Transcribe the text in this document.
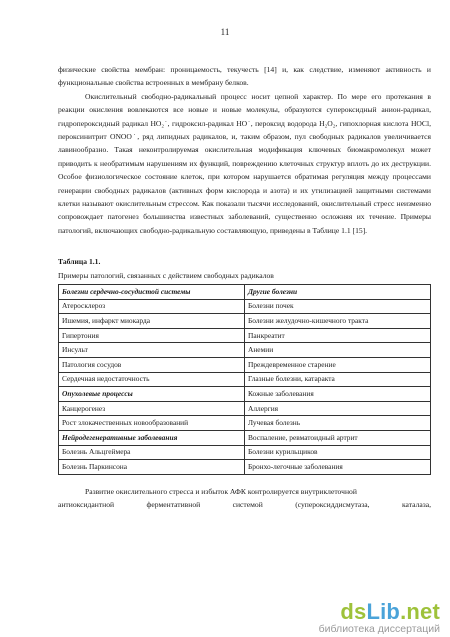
11

физические свойства мембран: проницаемость, текучесть [14] и, как следствие, изменяют активность и функциональные свойства встроенных в мембрану белков.

Окислительный свободно-радикальный процесс носит цепной характер. По мере его протекания в реакции окисления вовлекаются все новые и новые молекулы, образуются супероксидный анион-радикал, гидропероксидный радикал HO₂˙, гидроксил-радикал HO˙, пероксид водорода H₂O₂, гипохлорная кислота HOCl, пероксинитрит ONOO˙, ряд липидных радикалов, и, таким образом, пул свободных радикалов увеличивается лавинообразно. Такая неконтролируемая окислительная модификация ключевых биомакромолекул может приводить к необратимым нарушениям их функций, повреждению клеточных структур вплоть до их деструкции. Особое физиологическое состояние клеток, при котором нарушается обратимая регуляция между процессами генерации свободных радикалов (активных форм кислорода и азота) и их утилизацией защитными системами клетки называют окислительным стрессом. Как показали тысячи исследований, окислительный стресс неизменно сопровождает патогенез большинства известных заболеваний, существенно осложняя их течение. Примеры патологий, включающих свободно-радикальную составляющую, приведены в Таблице 1.1 [15].

Таблица 1.1.

Примеры патологий, связанных с действием свободных радикалов

Болезни сердечно-сосудистой системы	Другие болезни
Атеросклероз	Болезни почек
Ишемия, инфаркт миокарда	Болезни желудочно-кишечного тракта
Гипертония	Панкреатит
Инсульт	Анемии
Патология сосудов	Преждевременное старение
Сердечная недостаточность	Глазные болезни, катаракта
Опухолевые процессы	Кожные заболевания
Канцерогенез	Аллергия
Рост злокачественных новообразований	Лучевая болезнь
Нейродегенеративные заболевания	Воспаление, ревматоидный артрит
Болезнь Альцгеймера	Болезни курильщиков
Болезнь Паркинсона	Бронхо-легочные заболевания

Развитие окислительного стресса и избыток АФК контролируется внутриклеточной

антиоксидантной	ферментативной	системой	(супероксиддисмутаза,	каталаза,
dsLib.net
библиотека диссертаций
